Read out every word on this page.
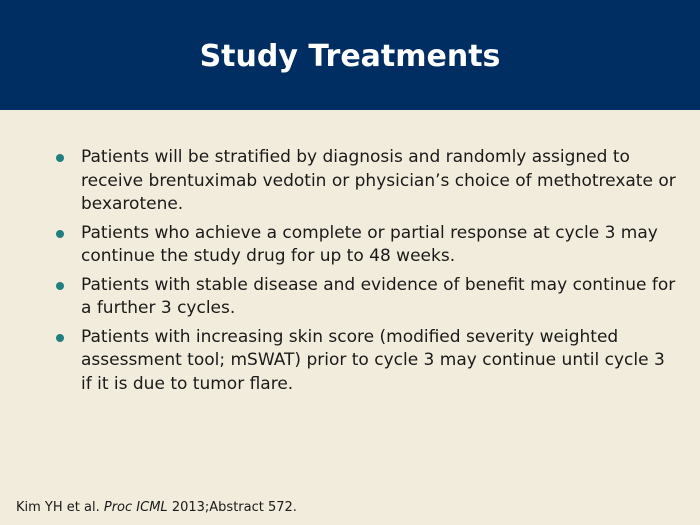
Study Treatments
Patients will be stratified by diagnosis and randomly assigned to receive brentuximab vedotin or physician’s choice of methotrexate or bexarotene.
Patients who achieve a complete or partial response at cycle 3 may continue the study drug for up to 48 weeks.
Patients with stable disease and evidence of benefit may continue for a further 3 cycles.
Patients with increasing skin score (modified severity weighted assessment tool; mSWAT) prior to cycle 3 may continue until cycle 3 if it is due to tumor flare.
Kim YH et al. Proc ICML 2013;Abstract 572.
